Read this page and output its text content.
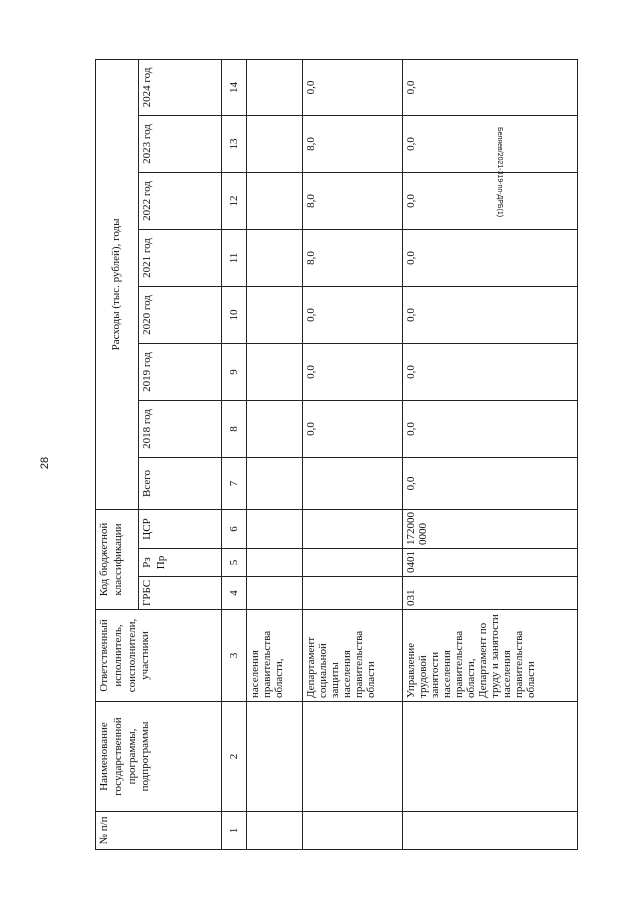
28
Беляев/2021-319-пп-ДРБ(1)
№ п/п	Наименование государственной программы, подпрограммы	Ответственный исполнитель, соисполнители, участники	Код бюджетной классификации			Расходы (тыс. рублей), годы							
			ГРБС	Рз Пр	ЦСР	Всего	2018 год	2019 год	2020 год	2021 год	2022 год	2023 год	2024 год
1	2	3	4	5	6	7	8	9	10	11	12	13	14
		населения правительства области,											
		Департамент социальной защиты населения правительства области					0,0	0,0	0,0	8,0	8,0	8,0	0,0
		Управление трудовой занятости населения правительства области, Департамент по труду и занятости населения правительства области	031	0401	172000 0000	0,0	0,0	0,0	0,0	0,0	0,0	0,0	0,0
